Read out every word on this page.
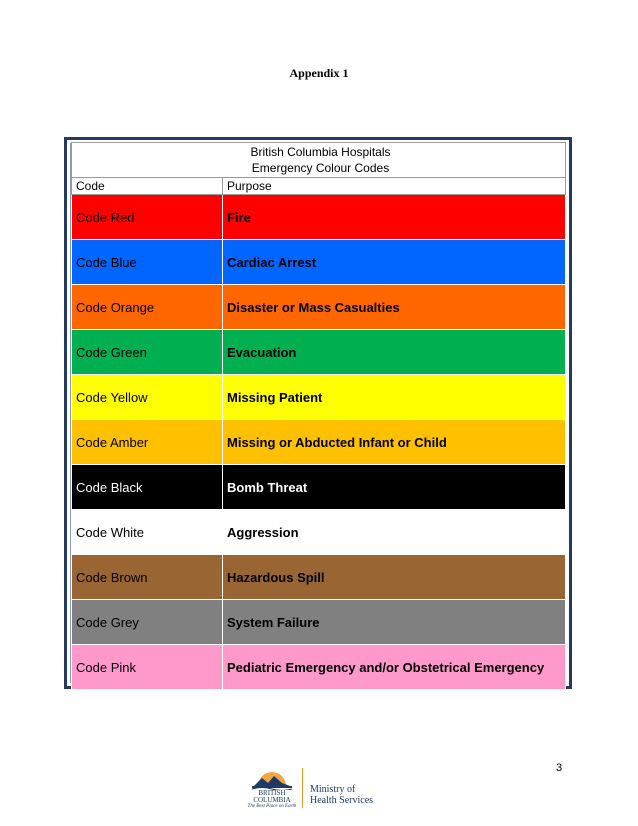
Appendix 1
British Columbia Hospitals
Emergency Colour Codes	

Code	Purpose
Code Red	Fire
Code Blue	Cardiac Arrest
Code Orange	Disaster or Mass Casualties
Code Green	Evacuation
Code Yellow	Missing Patient
Code Amber	Missing or Abducted Infant or Child
Code Black	Bomb Threat
Code White	Aggression
Code Brown	Hazardous Spill
Code Grey	System Failure
Code Pink	Pediatric Emergency and/or Obstetrical Emergency
3
BRITISH
COLUMBIA
The Best Place on Earth
Ministry of
Health Services
